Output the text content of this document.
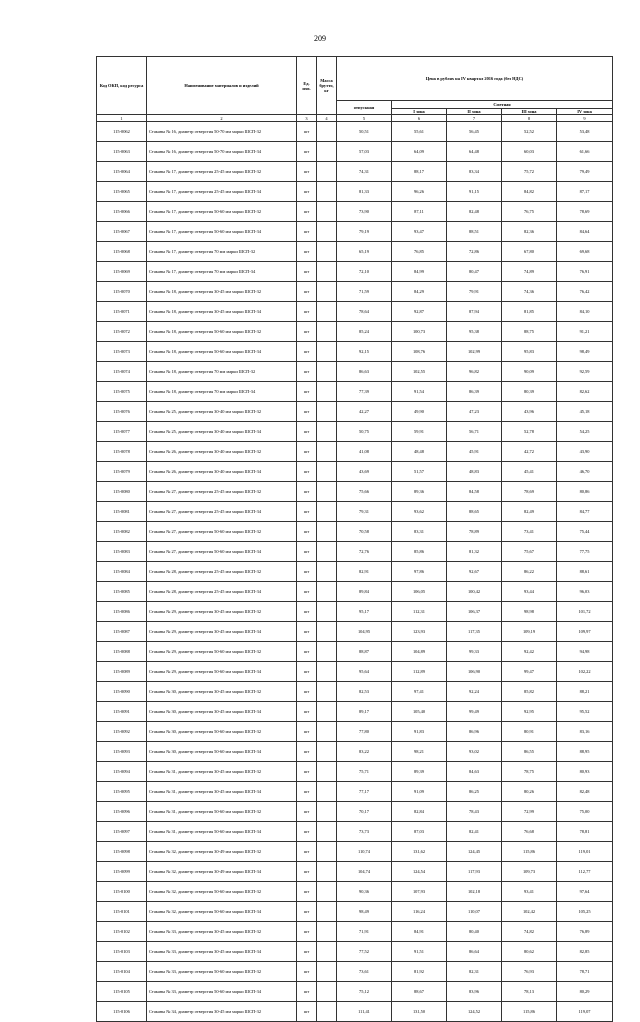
209
Код ОКП, код ресурса	Наименование материалов и изделий	Ед. изм.	Масса брутто, кг	Цена в рублях на IV квартал 2016 года (без НДС)				
				отпускная	Сметная			
					I зона	II зона	III зона	IV зона
1	2	3	4	5	6	7	8	9
115-0062	Стаканы № 16, диаметр отверстия 50-70 мм марки ШСП-32	шт		50,51	55,61	56,45	52,52	53,48
115-0063	Стаканы № 16, диаметр отверстия 50-70 мм марки ШСП-34	шт		57,03	64,09	64,48	60,03	61,66
115-0064	Стаканы № 17, диаметр отверстия 25-45 мм марки ШСП-32	шт		74,31	88,17	83,34	75,72	79,49
115-0065	Стаканы № 17, диаметр отверстия 25-45 мм марки ШСП-34	шт		81,33	96,26	91,15	84,82	87,17
115-0066	Стаканы № 17, диаметр отверстия 50-60 мм марки ШСП-32	шт		73,90	87,11	82,48	76,75	78,69
115-0067	Стаканы № 17, диаметр отверстия 50-60 мм марки ШСП-34	шт		79,19	93,47	88,51	82,36	84,64
115-0068	Стаканы № 17, диаметр отверстия 70 мм марки ШСП-32	шт		65,19	76,85	72,86	67,80	69,68
115-0069	Стаканы № 17, диаметр отверстия 70 мм марки ШСП-34	шт		72,10	84,99	80,47	74,89	76,91
115-0070	Стаканы № 18, диаметр отверстия 30-45 мм марки ШСП-32	шт		71,59	84,29	79,91	74,36	76,42
115-0071	Стаканы № 18, диаметр отверстия 30-45 мм марки ШСП-34	шт		78,64	92,87	87,94	81,85	84,10
115-0072	Стаканы № 18, диаметр отверстия 50-60 мм марки ШСП-32	шт		85,24	100,73	95,38	88,75	91,21
115-0073	Стаканы № 18, диаметр отверстия 50-60 мм марки ШСП-34	шт		92,15	108,76	102,99	95,83	98,49
115-0074	Стаканы № 18, диаметр отверстия 70 мм марки ШСП-32	шт		86,63	102,55	96,82	90,09	92,59
115-0075	Стаканы № 18, диаметр отверстия 70 мм марки ШСП-34	шт		77,39	91,54	86,39	80,39	82,62
115-0076	Стаканы № 25, диаметр отверстия 30-40 мм марки ШСП-32	шт		42,27	49,90	47,23	43,96	45,18
115-0077	Стаканы № 25, диаметр отверстия 30-40 мм марки ШСП-34	шт		50,75	59,91	56,71	52,78	54,25
115-0078	Стаканы № 26, диаметр отверстия 30-40 мм марки ШСП-32	шт		41,08	48,48	45,91	42,72	43,90
115-0079	Стаканы № 26, диаметр отверстия 30-40 мм марки ШСП-34	шт		43,69	51,57	48,83	45,41	46,70
115-0080	Стаканы № 27, диаметр отверстия 25-45 мм марки ШСП-32	шт		75,66	89,36	84,58	78,69	80,86
115-0081	Стаканы № 27, диаметр отверстия 25-45 мм марки ШСП-34	шт		79,31	93,62	88,65	82,49	84,77
115-0082	Стаканы № 27, диаметр отверстия 50-60 мм марки ШСП-32	шт		70,58	83,31	78,89	73,41	75,44
115-0083	Стаканы № 27, диаметр отверстия 50-60 мм марки ШСП-34	шт		72,76	85,86	81,32	75,67	77,75
115-0084	Стаканы № 28, диаметр отверстия 25-45 мм марки ШСП-32	шт		82,91	97,86	92,67	86,22	88,61
115-0085	Стаканы № 28, диаметр отверстия 25-45 мм марки ШСП-34	шт		89,84	106,05	100,42	93,44	96,03
115-0086	Стаканы № 29, диаметр отверстия 30-45 мм марки ШСП-32	шт		95,17	112,31	106,37	98,98	101,72
115-0087	Стаканы № 29, диаметр отверстия 30-45 мм марки ШСП-34	шт		104,95	123,93	117,35	109,19	109,97
115-0088	Стаканы № 29, диаметр отверстия 50-60 мм марки ШСП-32	шт		88,87	104,89	99,33	92,42	94,98
115-0089	Стаканы № 29, диаметр отверстия 50-60 мм марки ШСП-34	шт		95,64	112,89	106,90	99,47	102,22
115-0090	Стаканы № 30, диаметр отверстия 30-45 мм марки ШСП-32	шт		82,53	97,41	92,24	85,82	88,21
115-0091	Стаканы № 30, диаметр отверстия 30-45 мм марки ШСП-34	шт		89,17	105,40	99,49	92,95	95,52
115-0092	Стаканы № 30, диаметр отверстия 50-60 мм марки ШСП-32	шт		77,80	91,83	86,96	80,91	83,16
115-0093	Стаканы № 30, диаметр отверстия 50-60 мм марки ШСП-34	шт		83,22	98,21	93,02	86,55	88,95
115-0094	Стаканы № 31, диаметр отверстия 30-45 мм марки ШСП-32	шт		75,71	89,39	84,63	78,75	80,93
115-0095	Стаканы № 31, диаметр отверстия 30-45 мм марки ШСП-34	шт		77,17	91,09	86,25	80,26	82,48
115-0096	Стаканы № 31, диаметр отверстия 50-60 мм марки ШСП-32	шт		70,17	82,84	78,43	72,99	75,00
115-0097	Стаканы № 31, диаметр отверстия 50-60 мм марки ШСП-34	шт		73,73	87,03	82,41	76,68	78,81
115-0098	Стаканы № 32, диаметр отверстия 30-49 мм марки ШСП-32	шт		110,74	131,62	124,45	115,86	119,01
115-0099	Стаканы № 32, диаметр отверстия 30-49 мм марки ШСП-34	шт		104,74	124,54	117,93	109,73	112,77
115-0100	Стаканы № 32, диаметр отверстия 50-60 мм марки ШСП-32	шт		90,36	107,93	102,18	93,41	97,64
115-0101	Стаканы № 32, диаметр отверстия 50-60 мм марки ШСП-34	шт		98,49	116,24	110,07	102,42	105,25
115-0102	Стаканы № 33, диаметр отверстия 30-45 мм марки ШСП-32	шт		71,91	84,91	80,40	74,82	76,89
115-0103	Стаканы № 33, диаметр отверстия 30-45 мм марки ШСП-34	шт		77,52	91,51	86,64	80,62	82,85
115-0104	Стаканы № 33, диаметр отверстия 50-60 мм марки ШСП-32	шт		73,61	81,92	82,31	76,93	78,71
115-0105	Стаканы № 33, диаметр отверстия 50-60 мм марки ШСП-34	шт		75,12	88,67	83,96	78,13	80,29
115-0106	Стаканы № 34, диаметр отверстия 30-45 мм марки ШСП-32	шт		111,41	131,50	124,52	115,86	119,07
